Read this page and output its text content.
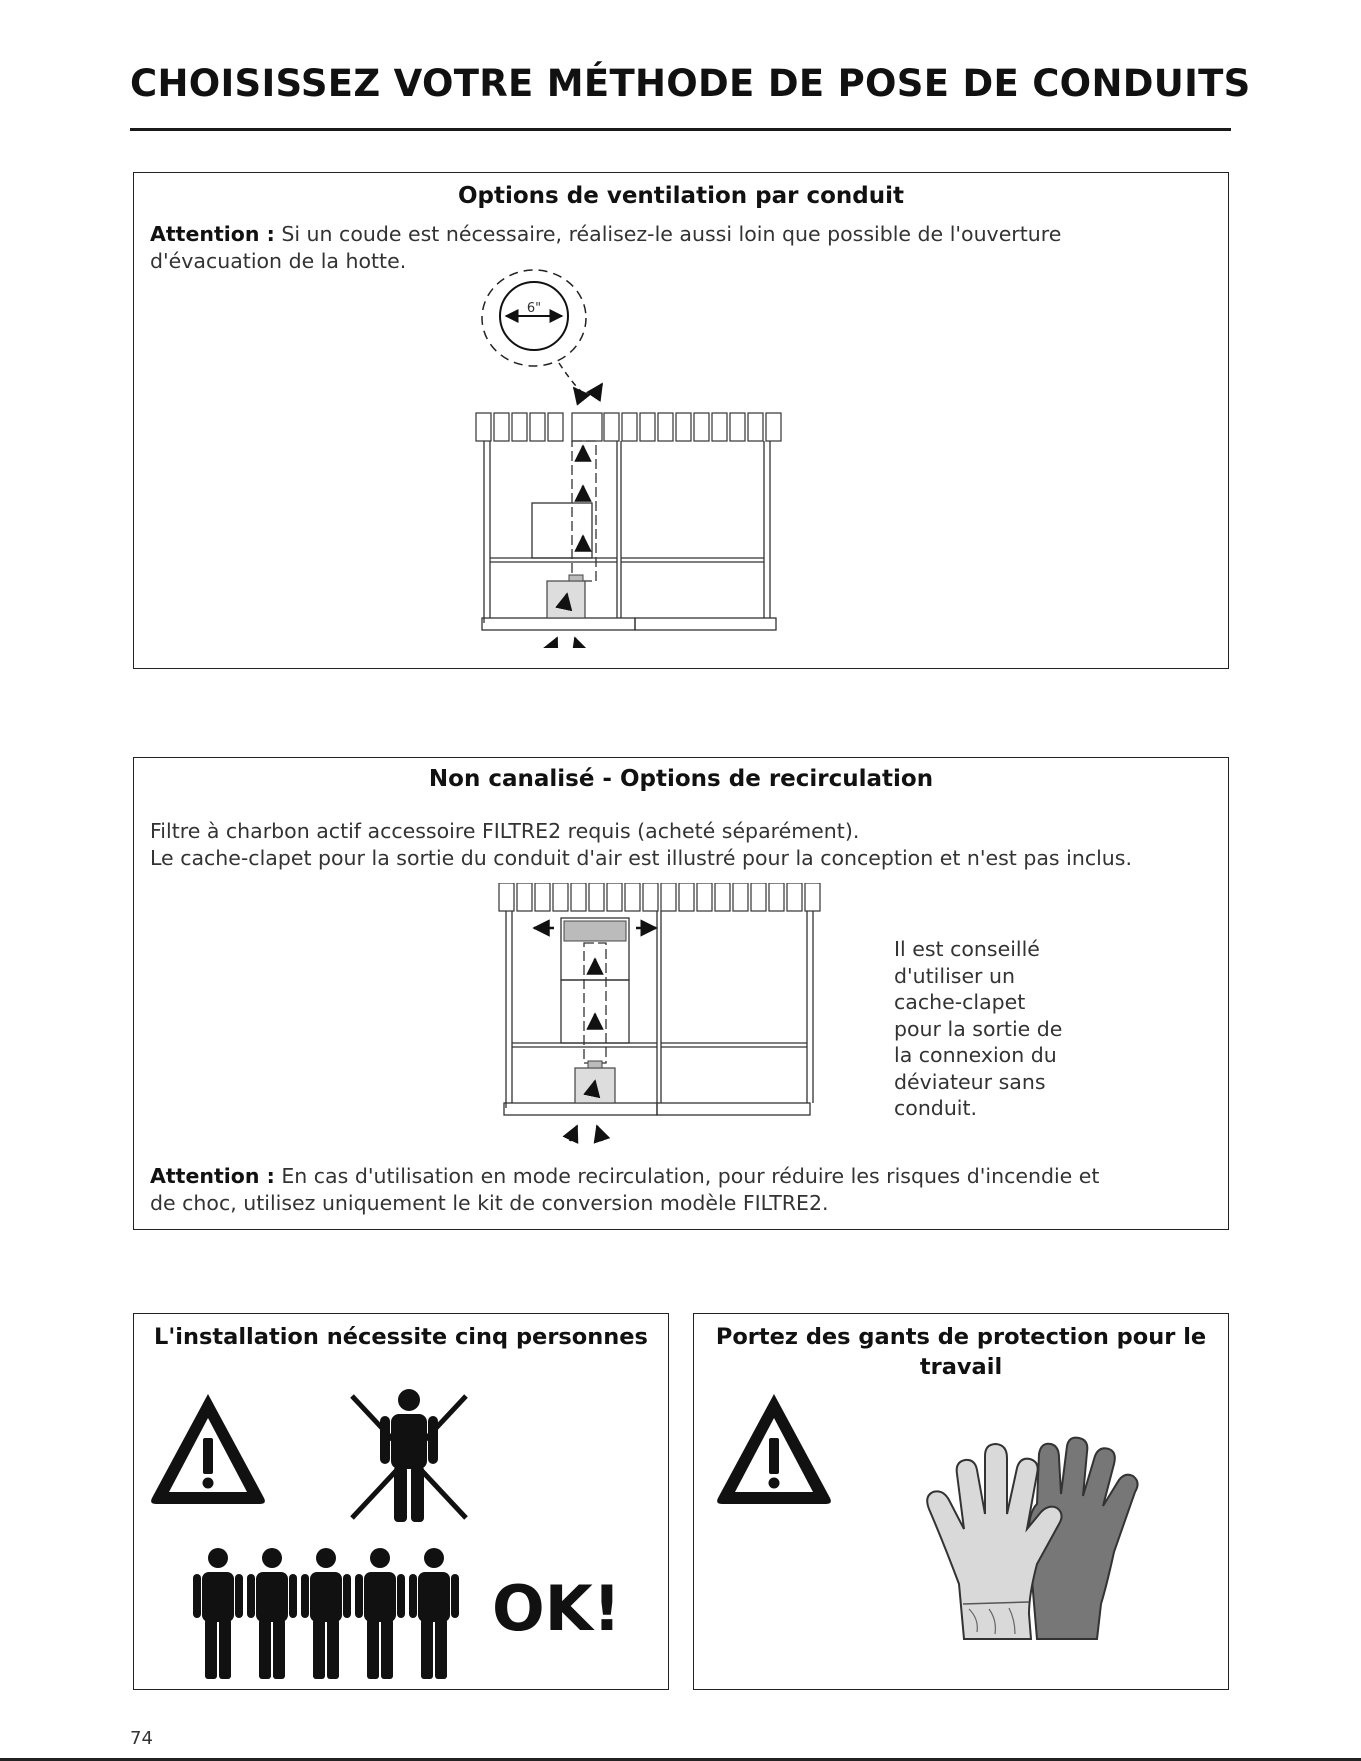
CHOISISSEZ VOTRE MÉTHODE DE POSE DE CONDUITS
Options de ventilation par conduit

Attention : Si un coude est nécessaire, réalisez-le aussi loin que possible de l'ouverture

d'évacuation de la hotte.

6"
Non canalisé - Options de recirculation

Filtre à charbon actif accessoire FILTRE2 requis (acheté séparément).

Le cache-clapet pour la sortie du conduit d'air est illustré pour la conception et n'est pas inclus.

Il est conseillé

d'utiliser un

cache-clapet

pour la sortie de

la connexion du

déviateur sans

conduit.

Attention : En cas d'utilisation en mode recirculation, pour réduire les risques d'incendie et

de choc, utilisez uniquement le kit de conversion modèle FILTRE2.

L'installation nécessite cinq personnes
OK!
Portez des gants de protection pour le
travail
74
